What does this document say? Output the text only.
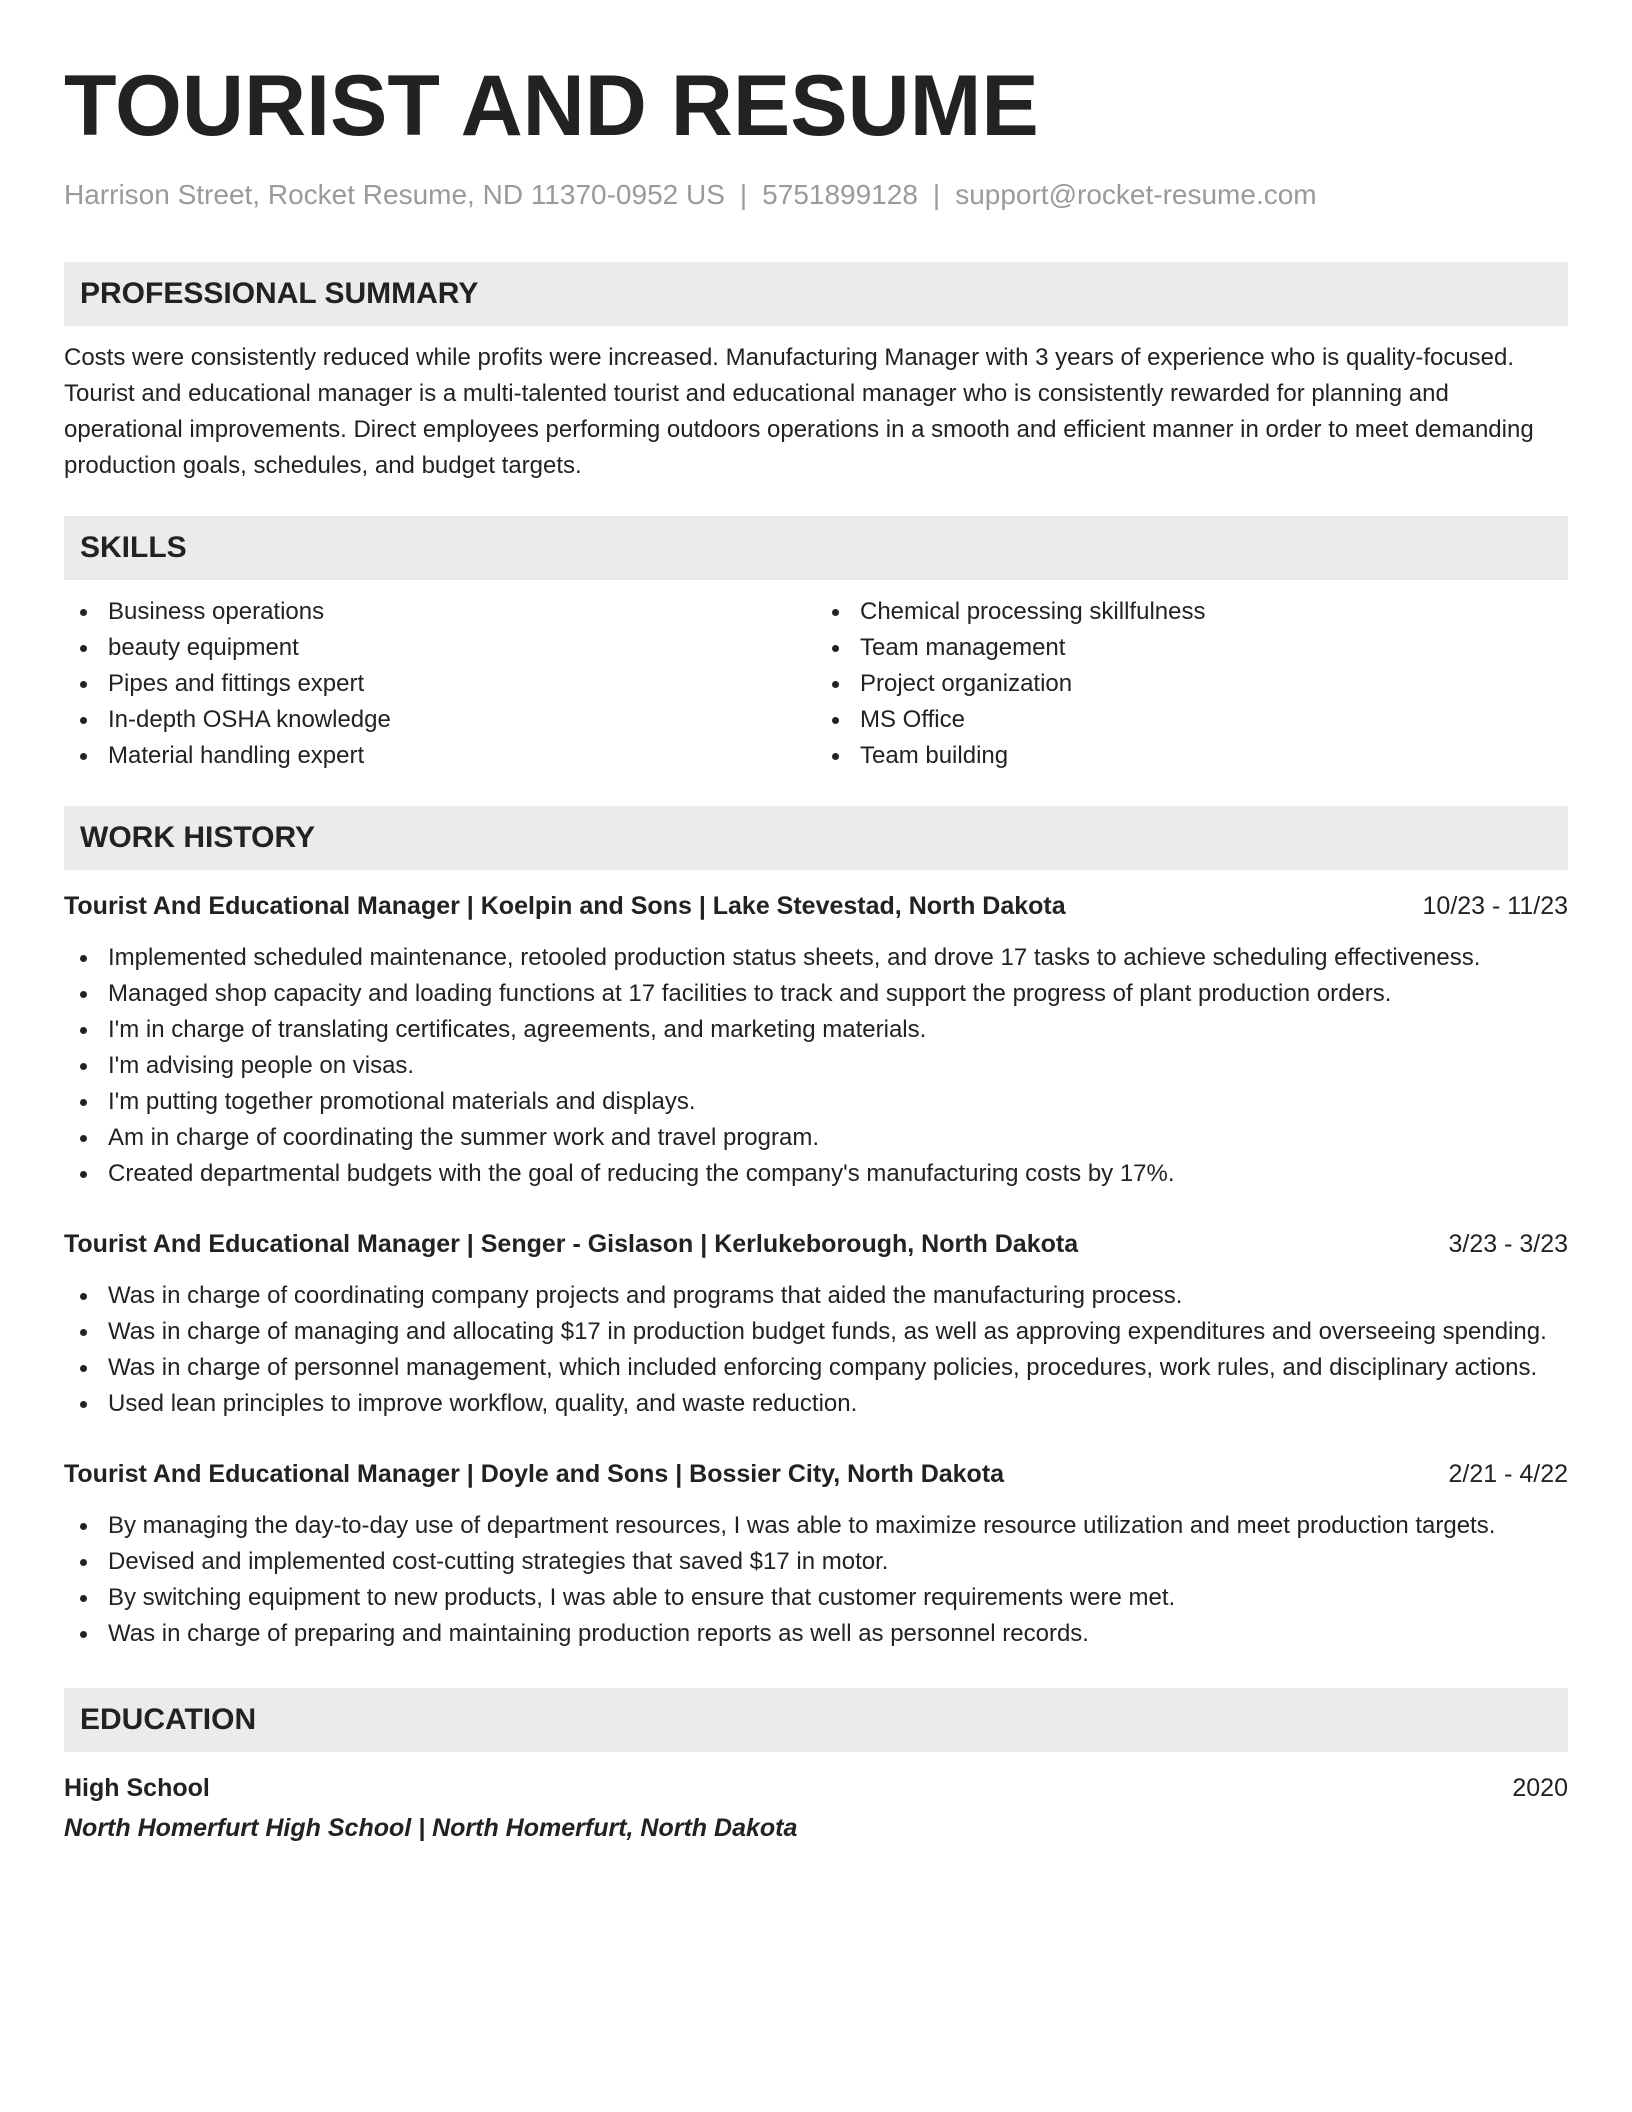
TOURIST AND RESUME
Harrison Street, Rocket Resume, ND 11370-0952 US | 5751899128 | support@rocket-resume.com
PROFESSIONAL SUMMARY

Costs were consistently reduced while profits were increased. Manufacturing Manager with 3 years of experience who is quality-focused. Tourist and educational manager is a multi-talented tourist and educational manager who is consistently rewarded for planning and operational improvements. Direct employees performing outdoors operations in a smooth and efficient manner in order to meet demanding production goals, schedules, and budget targets.

SKILLS
Business operations
beauty equipment
Pipes and fittings expert
In-depth OSHA knowledge
Material handling expert
Chemical processing skillfulness
Team management
Project organization
MS Office
Team building
WORK HISTORY
Tourist And Educational Manager | Koelpin and Sons | Lake Stevestad, North Dakota	10/23 - 11/23
Implemented scheduled maintenance, retooled production status sheets, and drove 17 tasks to achieve scheduling effectiveness.
Managed shop capacity and loading functions at 17 facilities to track and support the progress of plant production orders.
I'm in charge of translating certificates, agreements, and marketing materials.
I'm advising people on visas.
I'm putting together promotional materials and displays.
Am in charge of coordinating the summer work and travel program.
Created departmental budgets with the goal of reducing the company's manufacturing costs by 17%.
Tourist And Educational Manager | Senger - Gislason | Kerlukeborough, North Dakota	3/23 - 3/23
Was in charge of coordinating company projects and programs that aided the manufacturing process.
Was in charge of managing and allocating $17 in production budget funds, as well as approving expenditures and overseeing spending.
Was in charge of personnel management, which included enforcing company policies, procedures, work rules, and disciplinary actions.
Used lean principles to improve workflow, quality, and waste reduction.
Tourist And Educational Manager | Doyle and Sons | Bossier City, North Dakota	2/21 - 4/22
By managing the day-to-day use of department resources, I was able to maximize resource utilization and meet production targets.
Devised and implemented cost-cutting strategies that saved $17 in motor.
By switching equipment to new products, I was able to ensure that customer requirements were met.
Was in charge of preparing and maintaining production reports as well as personnel records.
EDUCATION
High School	2020
North Homerfurt High School | North Homerfurt, North Dakota
